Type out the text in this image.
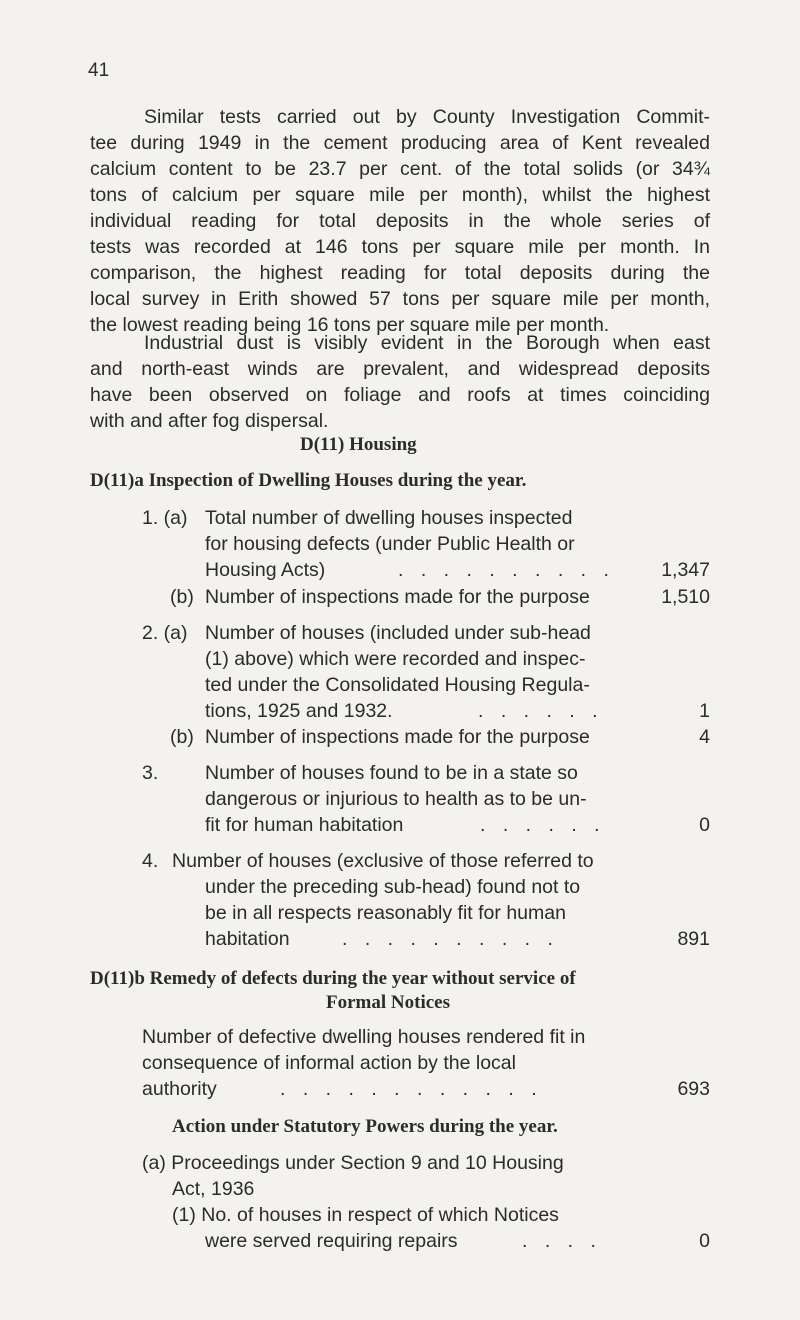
41
Similar tests carried out by County Investigation Commit-
tee during 1949 in the cement producing area of Kent revealed
calcium content to be 23.7 per cent. of the total solids (or 34¾
tons of calcium per square mile per month), whilst the highest
individual reading for total deposits in the whole series of
tests was recorded at 146 tons per square mile per month. In
comparison, the highest reading for total deposits during the
local survey in Erith showed 57 tons per square mile per month,
the lowest reading being 16 tons per square mile per month.
Industrial dust is visibly evident in the Borough when east
and north-east winds are prevalent, and widespread deposits
have been observed on foliage and roofs at times coinciding
with and after fog dispersal.
D(11) Housing
D(11)a Inspection of Dwelling Houses during the year.
1. (a) Total number of dwelling houses inspected
for housing defects (under Public Health or
Housing Acts)	. . . . . . . . . .	1,347
(b) Number of inspections made for the purpose	1,510
2. (a) Number of houses (included under sub-head
(1) above) which were recorded and inspec-
ted under the Consolidated Housing Regula-
tions, 1925 and 1932.	. . . . . .	1
(b) Number of inspections made for the purpose	4
3. Number of houses found to be in a state so
dangerous or injurious to health as to be un-
fit for human habitation	. . . . . .	0
4. Number of houses (exclusive of those referred to
under the preceding sub-head) found not to
be in all respects reasonably fit for human
habitation	. . . . . . . . . .	891
D(11)b Remedy of defects during the year without service of
Formal Notices
Number of defective dwelling houses rendered fit in
consequence of informal action by the local
authority	. . . . . . . . . . . .	693
Action under Statutory Powers during the year.
(a) Proceedings under Section 9 and 10 Housing
Act, 1936
(1) No. of houses in respect of which Notices
were served requiring repairs	. . . .	0
